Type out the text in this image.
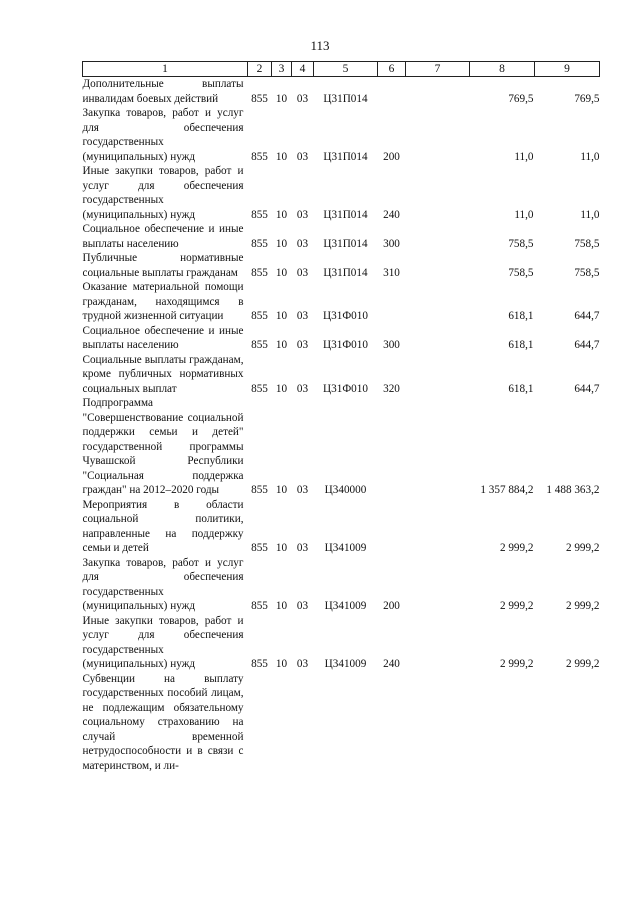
113
1	2	3	4	5	6	7	8	9
Дополнительные выплаты инвалидам боевых действий	855	10	03	Ц31П014			769,5	769,5
Закупка товаров, работ и услуг для обеспечения государственных (муниципальных) нужд	855	10	03	Ц31П014	200		11,0	11,0
Иные закупки товаров, работ и услуг для обеспечения государственных (муниципальных) нужд	855	10	03	Ц31П014	240		11,0	11,0
Социальное обеспечение и иные выплаты населению	855	10	03	Ц31П014	300		758,5	758,5
Публичные нормативные социальные выплаты гражданам	855	10	03	Ц31П014	310		758,5	758,5
Оказание материальной помощи гражданам, находящимся в трудной жизненной ситуации	855	10	03	Ц31Ф010			618,1	644,7
Социальное обеспечение и иные выплаты населению	855	10	03	Ц31Ф010	300		618,1	644,7
Социальные выплаты гражданам, кроме публичных нормативных социальных выплат	855	10	03	Ц31Ф010	320		618,1	644,7
Подпрограмма "Совершенствование социальной поддержки семьи и детей" государственной программы Чувашской Республики "Социальная поддержка граждан" на 2012–2020 годы	855	10	03	Ц340000			1 357 884,2	1 488 363,2
Мероприятия в области социальной политики, направленные на поддержку семьи и детей	855	10	03	Ц341009			2 999,2	2 999,2
Закупка товаров, работ и услуг для обеспечения государственных (муниципальных) нужд	855	10	03	Ц341009	200		2 999,2	2 999,2
Иные закупки товаров, работ и услуг для обеспечения государственных (муниципальных) нужд	855	10	03	Ц341009	240		2 999,2	2 999,2
Субвенции на выплату государственных пособий лицам, не подлежащим обязательному социальному страхованию на случай временной нетрудоспособности и в связи с материнством, и ли-								
